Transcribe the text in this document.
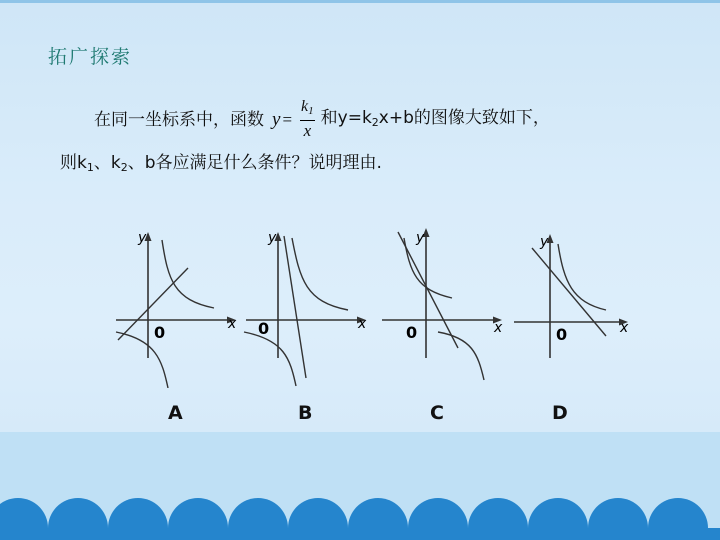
拓广探索
在同一坐标系中，函数 $y = \frac{k_1}{x}$ 和$y=k_2x+b$的图像大致如下，
则$k_1$、$k_2$、b各应满足什么条件？说明理由.
y
x
0
A
y
x
0
B
y
x
0
C
y
x
0
D
